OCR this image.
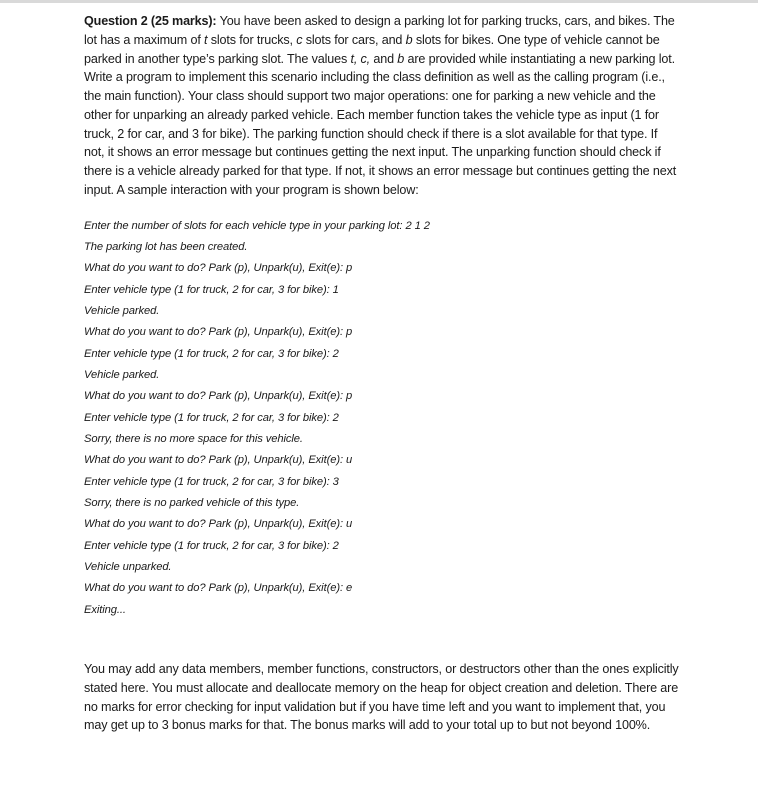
Question 2 (25 marks): You have been asked to design a parking lot for parking trucks, cars, and bikes. The lot has a maximum of t slots for trucks, c slots for cars, and b slots for bikes. One type of vehicle cannot be parked in another type’s parking slot. The values t, c, and b are provided while instantiating a new parking lot. Write a program to implement this scenario including the class definition as well as the calling program (i.e., the main function). Your class should support two major operations: one for parking a new vehicle and the other for unparking an already parked vehicle. Each member function takes the vehicle type as input (1 for truck, 2 for car, and 3 for bike). The parking function should check if there is a slot available for that type. If not, it shows an error message but continues getting the next input. The unparking function should check if there is a vehicle already parked for that type. If not, it shows an error message but continues getting the next input. A sample interaction with your program is shown below:

Enter the number of slots for each vehicle type in your parking lot: 2 1 2
The parking lot has been created.
What do you want to do? Park (p), Unpark(u), Exit(e): p
Enter vehicle type (1 for truck, 2 for car, 3 for bike): 1
Vehicle parked.
What do you want to do? Park (p), Unpark(u), Exit(e): p
Enter vehicle type (1 for truck, 2 for car, 3 for bike): 2
Vehicle parked.
What do you want to do? Park (p), Unpark(u), Exit(e): p
Enter vehicle type (1 for truck, 2 for car, 3 for bike): 2
Sorry, there is no more space for this vehicle.
What do you want to do? Park (p), Unpark(u), Exit(e): u
Enter vehicle type (1 for truck, 2 for car, 3 for bike): 3
Sorry, there is no parked vehicle of this type.
What do you want to do? Park (p), Unpark(u), Exit(e): u
Enter vehicle type (1 for truck, 2 for car, 3 for bike): 2
Vehicle unparked.
What do you want to do? Park (p), Unpark(u), Exit(e): e
Exiting...

You may add any data members, member functions, constructors, or destructors other than the ones explicitly stated here. You must allocate and deallocate memory on the heap for object creation and deletion. There are no marks for error checking for input validation but if you have time left and you want to implement that, you may get up to 3 bonus marks for that. The bonus marks will add to your total up to but not beyond 100%.
